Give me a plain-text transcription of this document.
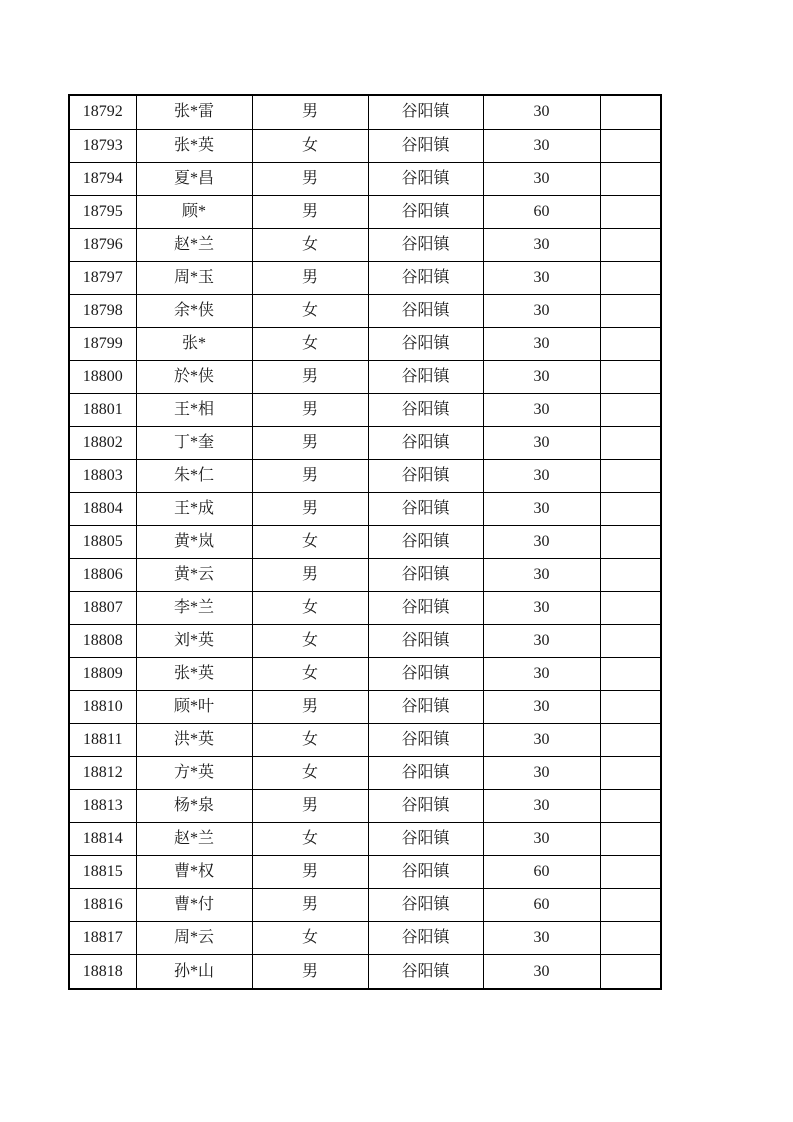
18792	张*雷	男	谷阳镇	30	
18793	张*英	女	谷阳镇	30	
18794	夏*昌	男	谷阳镇	30	
18795	顾*	男	谷阳镇	60	
18796	赵*兰	女	谷阳镇	30	
18797	周*玉	男	谷阳镇	30	
18798	余*侠	女	谷阳镇	30	
18799	张*	女	谷阳镇	30	
18800	於*侠	男	谷阳镇	30	
18801	王*相	男	谷阳镇	30	
18802	丁*奎	男	谷阳镇	30	
18803	朱*仁	男	谷阳镇	30	
18804	王*成	男	谷阳镇	30	
18805	黄*岚	女	谷阳镇	30	
18806	黄*云	男	谷阳镇	30	
18807	李*兰	女	谷阳镇	30	
18808	刘*英	女	谷阳镇	30	
18809	张*英	女	谷阳镇	30	
18810	顾*叶	男	谷阳镇	30	
18811	洪*英	女	谷阳镇	30	
18812	方*英	女	谷阳镇	30	
18813	杨*泉	男	谷阳镇	30	
18814	赵*兰	女	谷阳镇	30	
18815	曹*权	男	谷阳镇	60	
18816	曹*付	男	谷阳镇	60	
18817	周*云	女	谷阳镇	30	
18818	孙*山	男	谷阳镇	30	
